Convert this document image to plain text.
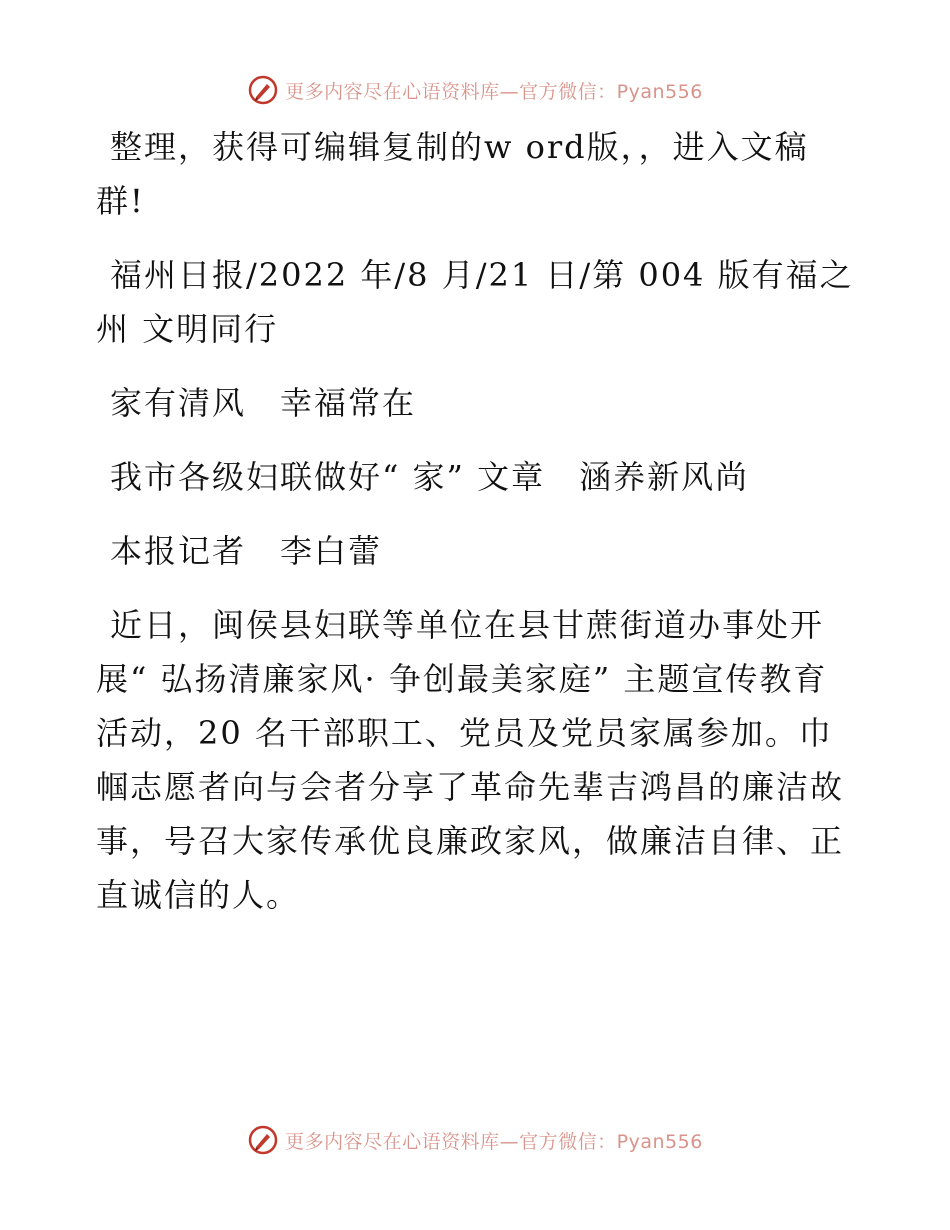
更多内容尽在心语资料库—官方微信：Pyan556

整理，获得可编辑复制的w ord版，，进入文稿群!

福州日报/2022 年/8 月/21 日/第 004 版有福之州 文明同行

家有清风　幸福常在

我市各级妇联做好“ 家” 文章　涵养新风尚

本报记者　李白蕾

近日，闽侯县妇联等单位在县甘蔗街道办事处开展“ 弘扬清廉家风· 争创最美家庭” 主题宣传教育活动，20 名干部职工、党员及党员家属参加。巾帼志愿者向与会者分享了革命先辈吉鸿昌的廉洁故事，号召大家传承优良廉政家风，做廉洁自律、正直诚信的人。

更多内容尽在心语资料库—官方微信：Pyan556
